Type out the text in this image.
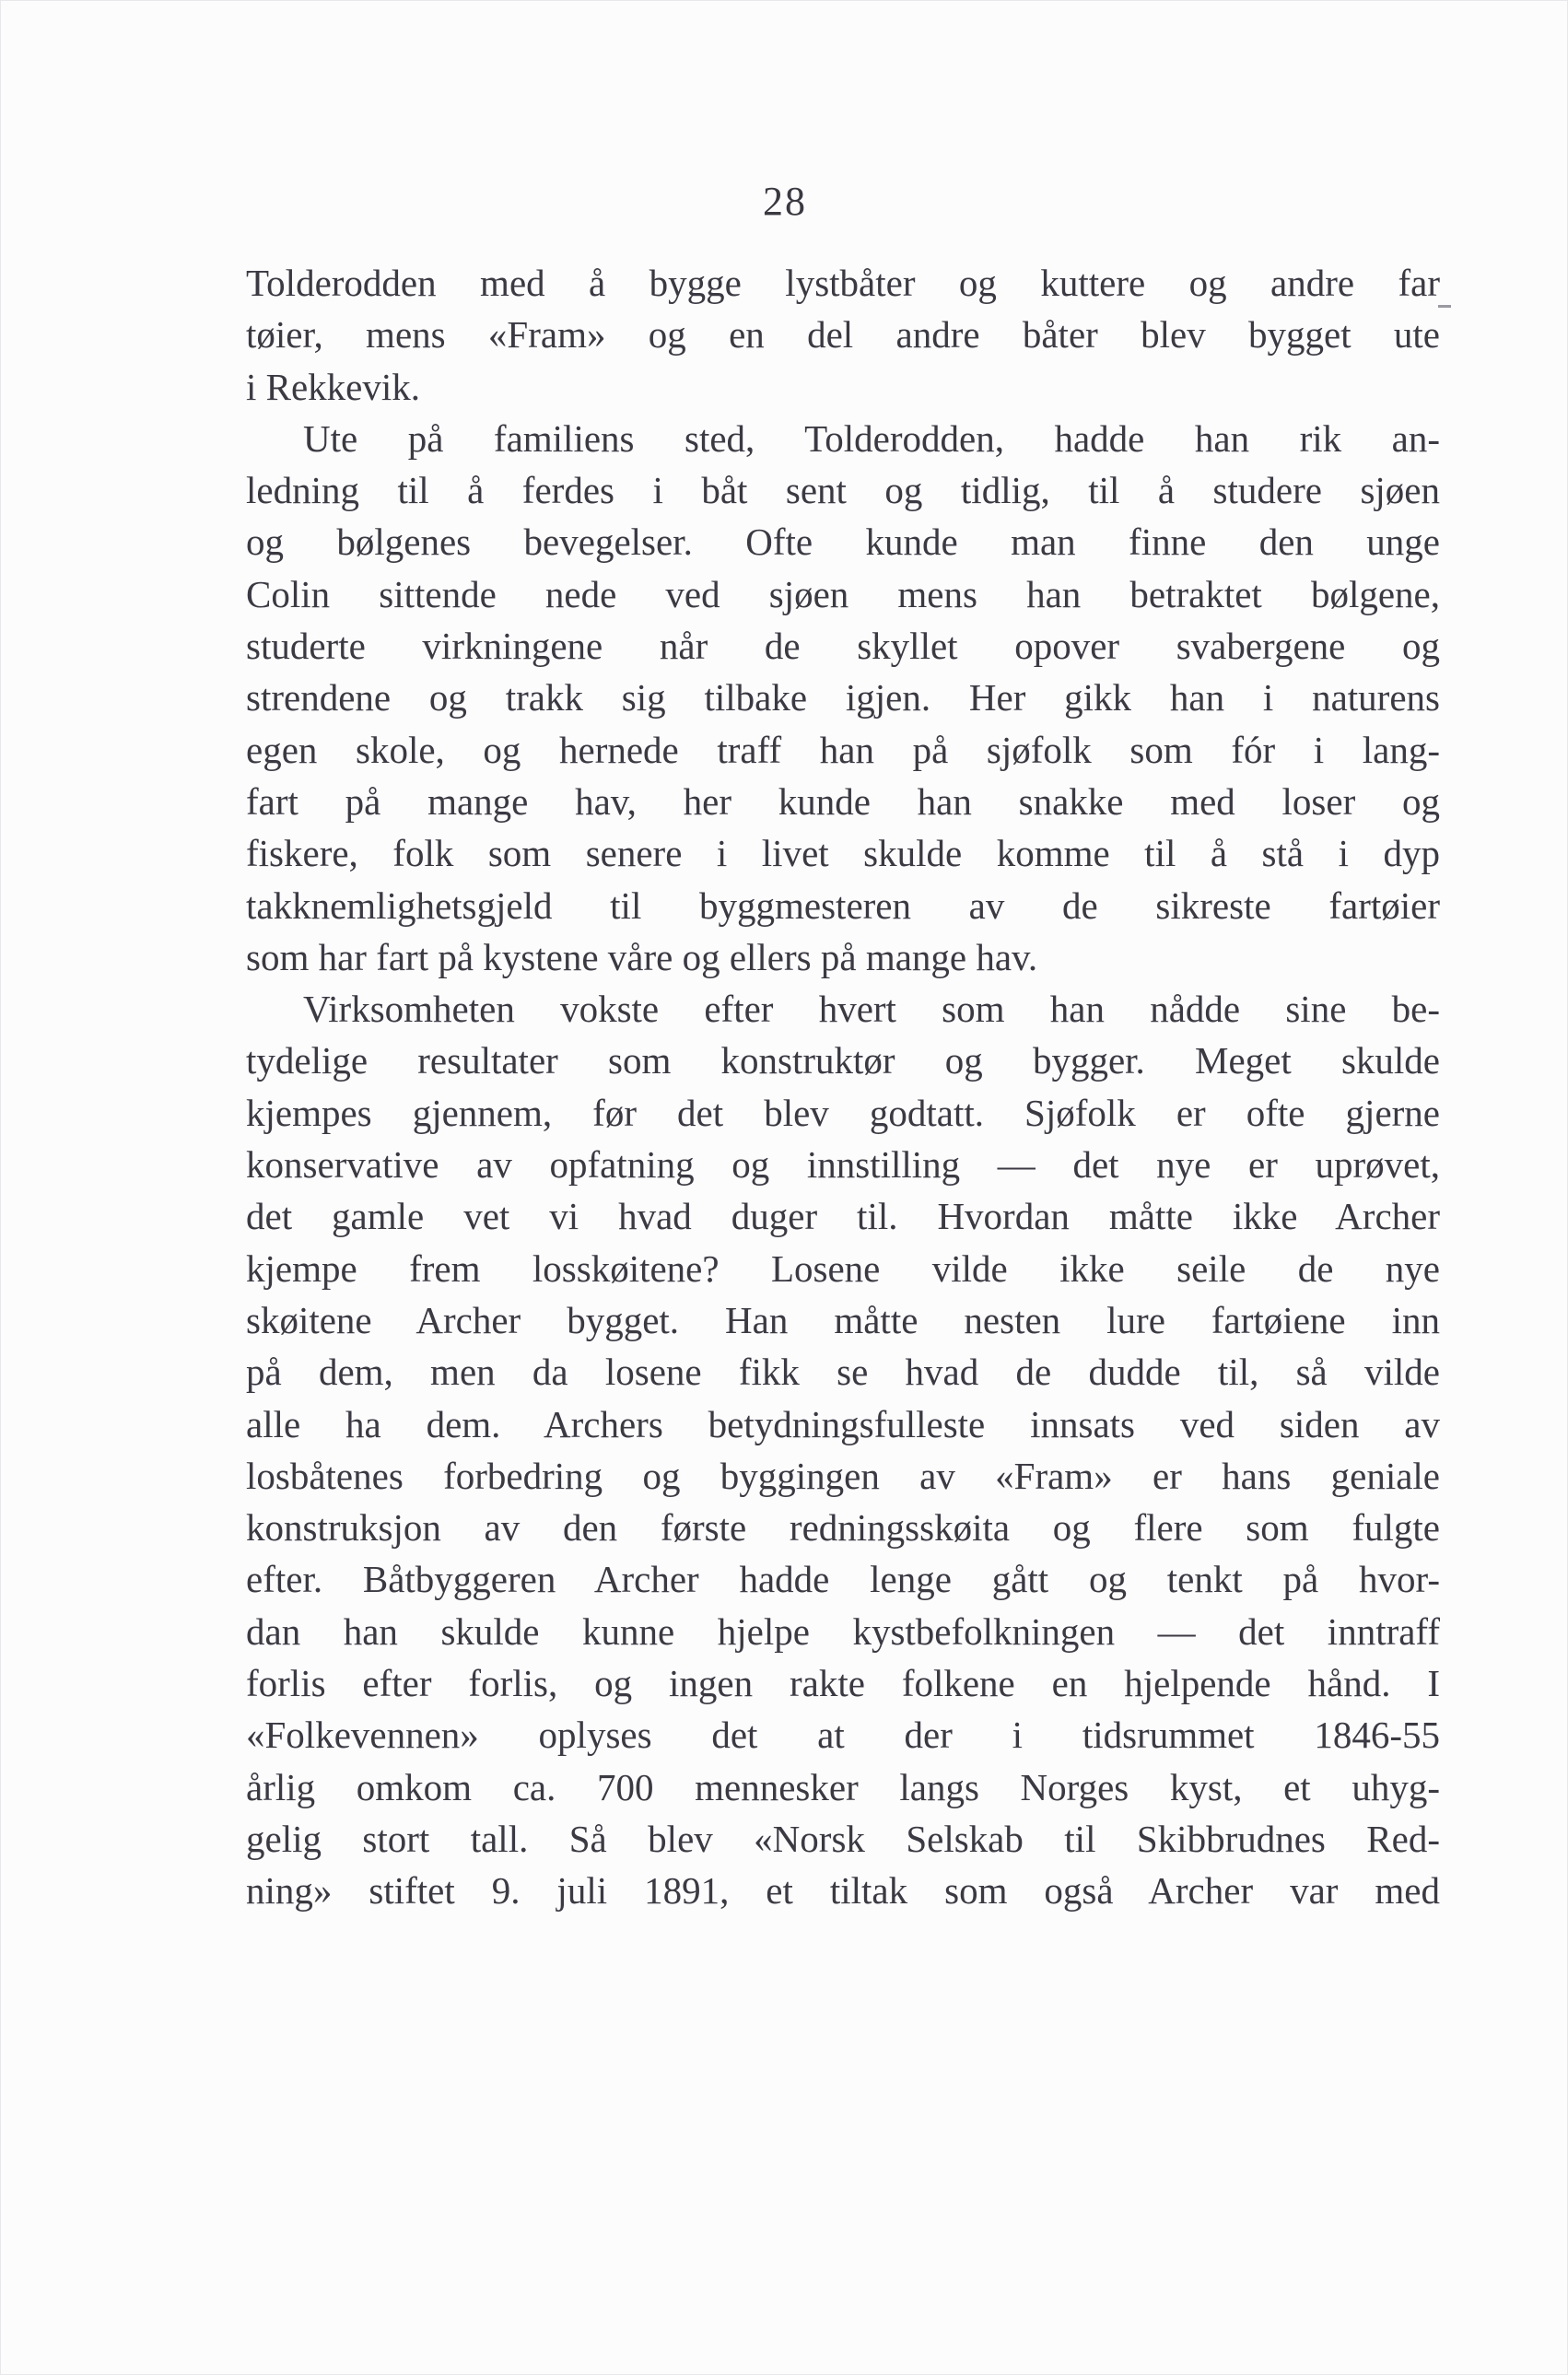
28
Tolderodden med å bygge lystbåter og kuttere og andre far
tøier, mens «Fram» og en del andre båter blev bygget ute
i Rekkevik.
Ute på familiens sted, Tolderodden, hadde han rik an-
ledning til å ferdes i båt sent og tidlig, til å studere sjøen
og bølgenes bevegelser. Ofte kunde man finne den unge
Colin sittende nede ved sjøen mens han betraktet bølgene,
studerte virkningene når de skyllet opover svabergene og
strendene og trakk sig tilbake igjen. Her gikk han i naturens
egen skole, og hernede traff han på sjøfolk som fór i lang-
fart på mange hav, her kunde han snakke med loser og
fiskere, folk som senere i livet skulde komme til å stå i dyp
takknemlighetsgjeld til byggmesteren av de sikreste fartøier
som har fart på kystene våre og ellers på mange hav.
Virksomheten vokste efter hvert som han nådde sine be-
tydelige resultater som konstruktør og bygger. Meget skulde
kjempes gjennem, før det blev godtatt. Sjøfolk er ofte gjerne
konservative av opfatning og innstilling — det nye er uprøvet,
det gamle vet vi hvad duger til. Hvordan måtte ikke Archer
kjempe frem losskøitene? Losene vilde ikke seile de nye
skøitene Archer bygget. Han måtte nesten lure fartøiene inn
på dem, men da losene fikk se hvad de dudde til, så vilde
alle ha dem. Archers betydningsfulleste innsats ved siden av
losbåtenes forbedring og byggingen av «Fram» er hans geniale
konstruksjon av den første redningsskøita og flere som fulgte
efter. Båtbyggeren Archer hadde lenge gått og tenkt på hvor-
dan han skulde kunne hjelpe kystbefolkningen — det inntraff
forlis efter forlis, og ingen rakte folkene en hjelpende hånd. I
«Folkevennen» oplyses det at der i tidsrummet 1846-55
årlig omkom ca. 700 mennesker langs Norges kyst, et uhyg-
gelig stort tall. Så blev «Norsk Selskab til Skibbrudnes Red-
ning» stiftet 9. juli 1891, et tiltak som også Archer var med
